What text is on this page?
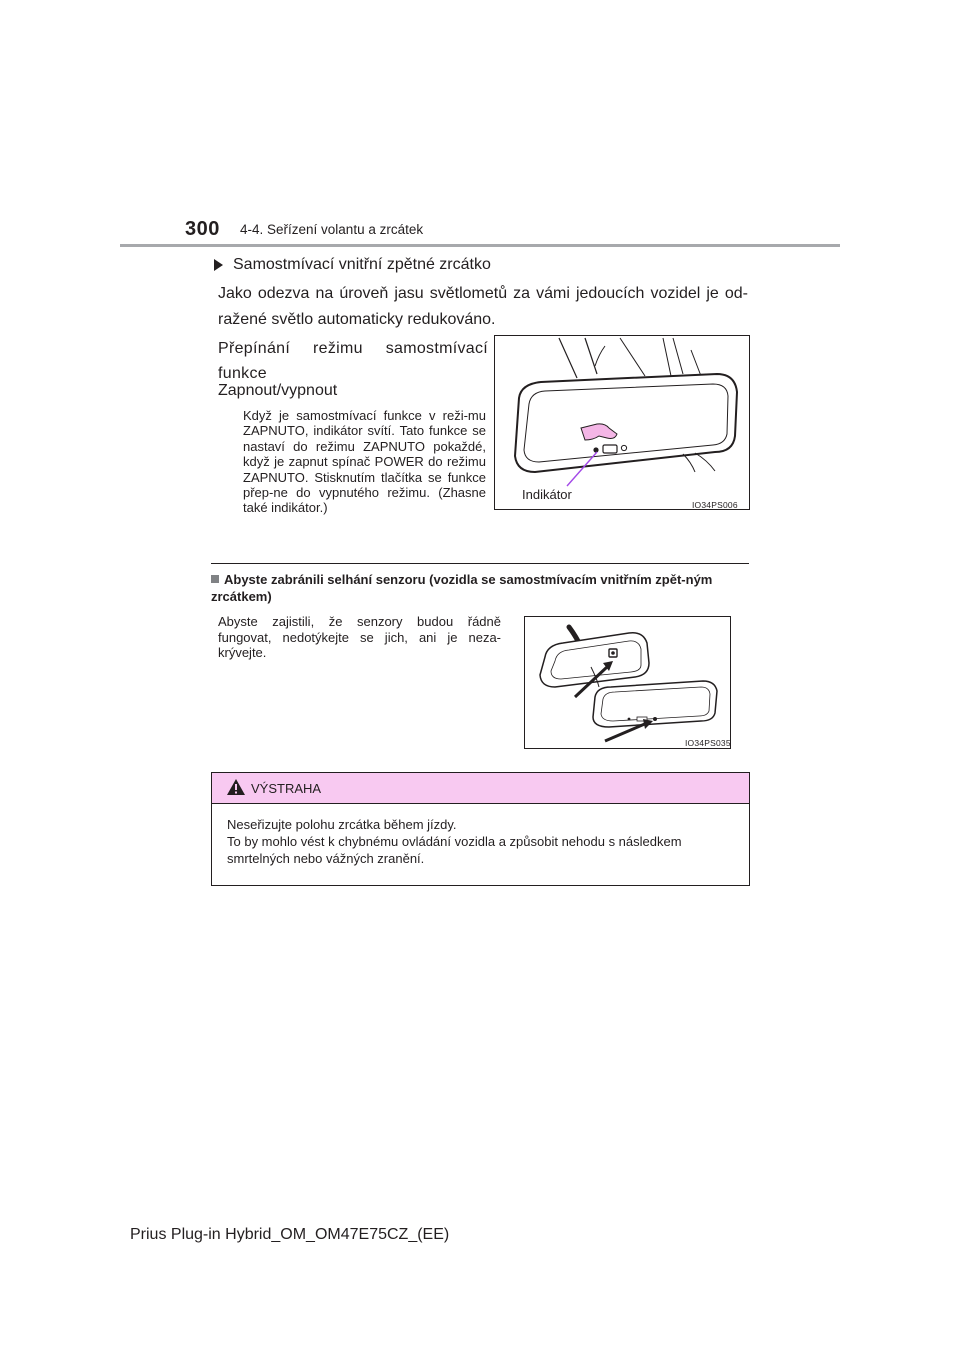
300 4-4. Seřízení volantu a zrcátek
Samostmívací vnitřní zpětné zrcátko
Jako odezva na úroveň jasu světlometů za vámi jedoucích vozidel je od-ražené světlo automaticky redukováno.
Přepínání režimu samostmívací funkce
Zapnout/vypnout
Když je samostmívací funkce v reži-mu ZAPNUTO, indikátor svítí. Tato funkce se nastaví do režimu ZAPNUTO pokaždé, když je zapnut spínač POWER do režimu ZAPNUTO. Stisknutím tlačítka se funkce přep-ne do vypnutého režimu. (Zhasne také indikátor.)
Indikátor
IO34PS006
Abyste zabránili selhání senzoru (vozidla se samostmívacím vnitřním zpět-ným zrcátkem)
Abyste zajistili, že senzory budou řádně fungovat, nedotýkejte se jich, ani je neza-krývejte.
IO34PS035
VÝSTRAHA
Neseřizujte polohu zrcátka během jízdy.
To by mohlo vést k chybnému ovládání vozidla a způsobit nehodu s následkem smrtelných nebo vážných zranění.
Prius Plug-in Hybrid_OM_OM47E75CZ_(EE)
